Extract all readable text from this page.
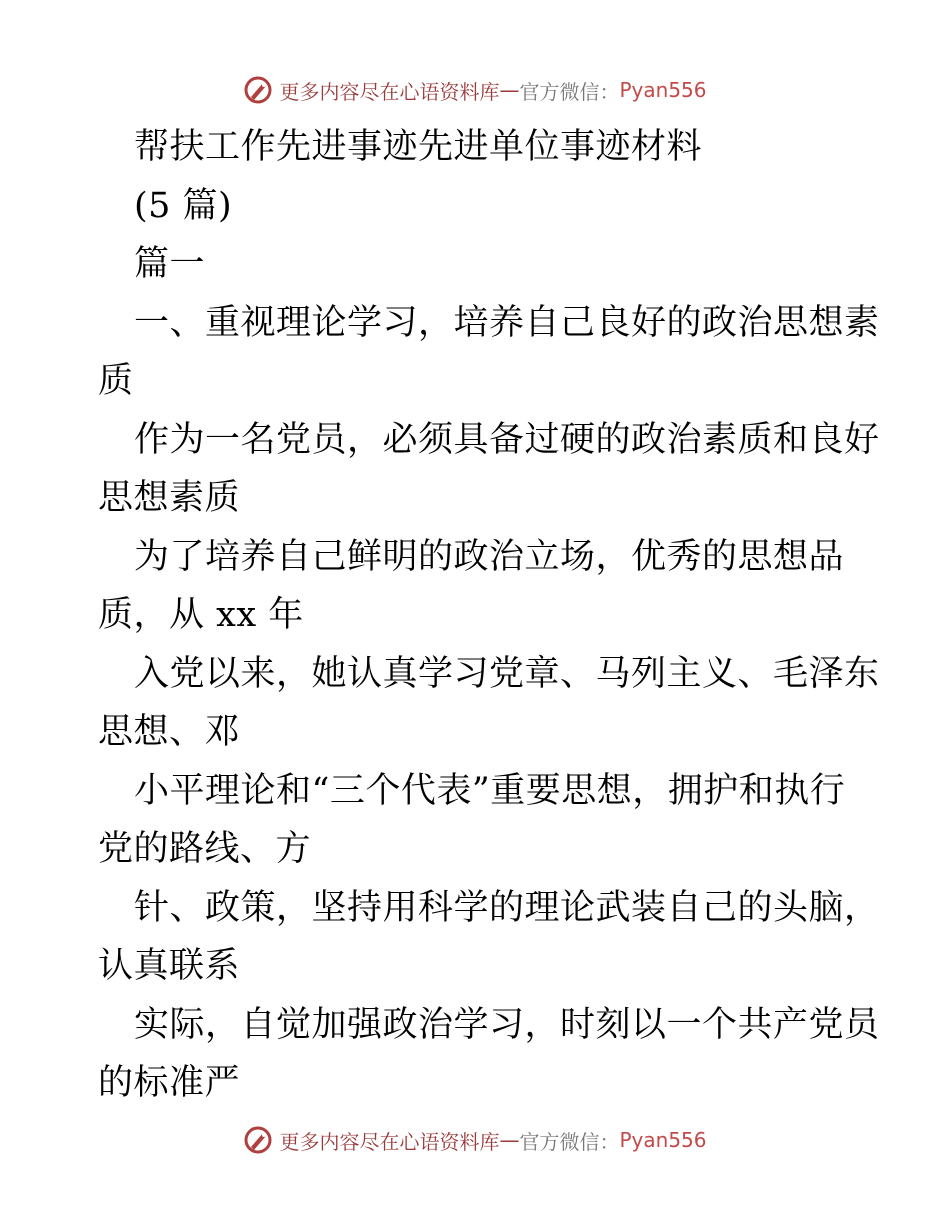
更多内容尽在心语资料库 — 官方微信： Pyan556
帮扶工作先进事迹先进单位事迹材料
(5 篇)
篇一
一、重视理论学习，培养自己良好的政治思想素
质
作为一名党员，必须具备过硬的政治素质和良好
思想素质
为了培养自己鲜明的政治立场，优秀的思想品
质，从 xx 年
入党以来，她认真学习党章、马列主义、毛泽东
思想、邓
小平理论和“三个代表”重要思想，拥护和执行
党的路线、方
针、政策，坚持用科学的理论武装自己的头脑，
认真联系
实际，自觉加强政治学习，时刻以一个共产党员
的标准严
更多内容尽在心语资料库 — 官方微信： Pyan556
